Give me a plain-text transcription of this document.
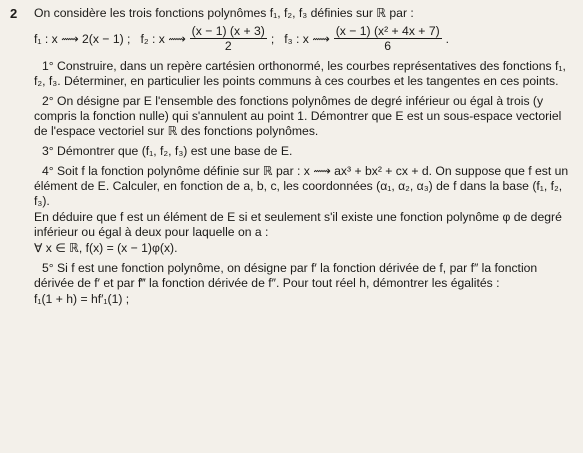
2 On considère les trois fonctions polynômes f₁, f₂, f₃ définies sur ℝ par :

f₁ : x ⟿ 2(x − 1) ; f₂ : x ⟿ $\frac{(x - 1) (x + 3)}{2}$ ; f₃ : x ⟿ $\frac{\text{(x − 1) (x² + 4x + 7)}}{6}$ .

1° Construire, dans un repère cartésien orthonormé, les courbes représentatives des fonctions f₁, f₂, f₃. Déterminer, en particulier les points communs à ces courbes et les tangentes en ces points.

2° On désigne par E l'ensemble des fonctions polynômes de degré inférieur ou égal à trois (y compris la fonction nulle) qui s'annulent au point 1. Démontrer que E est un sous-espace vectoriel de l'espace vectoriel sur ℝ des fonctions polynômes.

3° Démontrer que (f₁, f₂, f₃) est une base de E.

4° Soit f la fonction polynôme définie sur ℝ par : x ⟿ ax³ + bx² + cx + d. On suppose que f est un élément de E. Calculer, en fonction de a, b, c, les coordonnées (α₁, α₂, α₃) de f dans la base (f₁, f₂, f₃).

En déduire que f est un élément de E si et seulement s'il existe une fonction polynôme φ de degré inférieur ou égal à deux pour laquelle on a :

∀ x ∈ ℝ, f(x) = (x − 1)φ(x).

5° Si f est une fonction polynôme, on désigne par f′ la fonction dérivée de f, par f″ la fonction dérivée de f′ et par f‴ la fonction dérivée de f″. Pour tout réel h, démontrer les égalités :

f₁(1 + h) = hf′₁(1) ;
